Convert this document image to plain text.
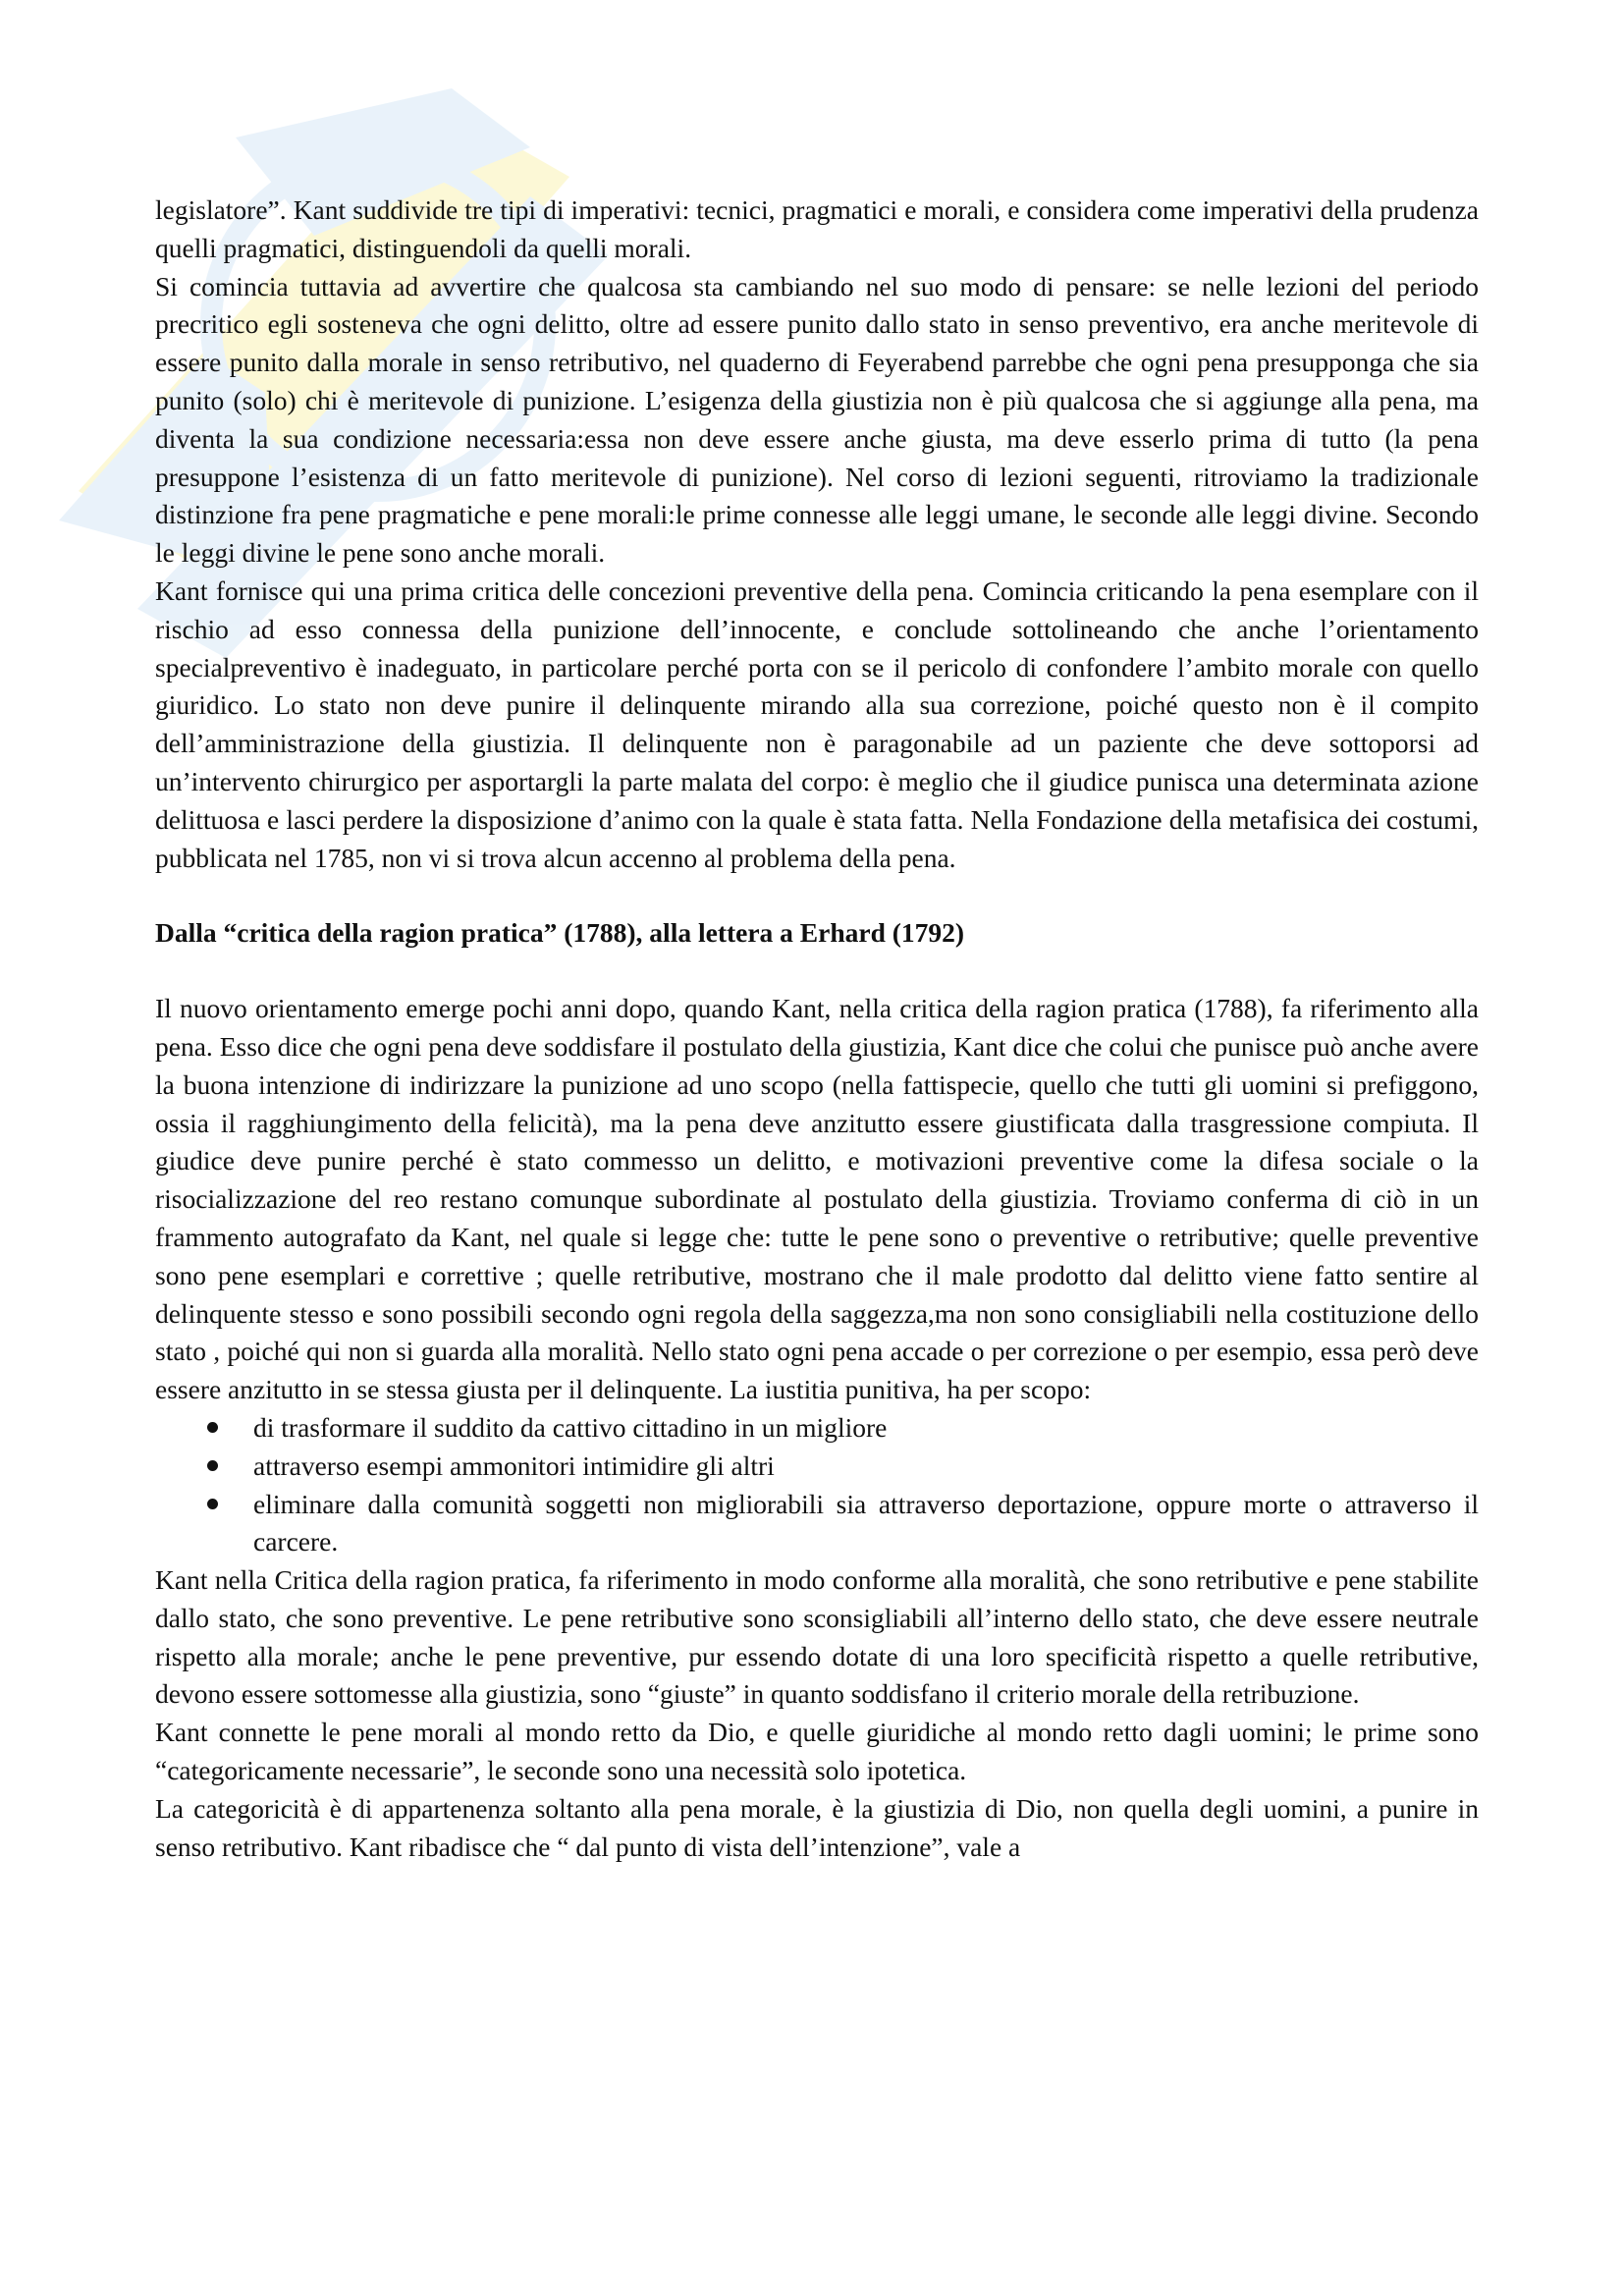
legislatore”. Kant suddivide tre tipi di imperativi: tecnici, pragmatici e morali, e considera come imperativi della prudenza quelli pragmatici, distinguendoli da quelli morali.

Si comincia tuttavia ad avvertire che qualcosa sta cambiando nel suo modo di pensare: se nelle lezioni del periodo precritico egli sosteneva che ogni delitto, oltre ad essere punito dallo stato in senso preventivo, era anche meritevole di essere punito dalla morale in senso retributivo, nel quaderno di Feyerabend parrebbe che ogni pena presupponga che sia punito (solo) chi è meritevole di punizione. L’esigenza della giustizia non è più qualcosa che si aggiunge alla pena, ma diventa la sua condizione necessaria:essa non deve essere anche giusta, ma deve esserlo prima di tutto (la pena presuppone l’esistenza di un fatto meritevole di punizione). Nel corso di lezioni seguenti, ritroviamo la tradizionale distinzione fra pene pragmatiche e pene morali:le prime connesse alle leggi umane, le seconde alle leggi divine. Secondo le leggi divine le pene sono anche morali.

Kant fornisce qui una prima critica delle concezioni preventive della pena. Comincia criticando la pena esemplare con il rischio ad esso connessa della punizione dell’innocente, e conclude sottolineando che anche l’orientamento specialpreventivo è inadeguato, in particolare perché porta con se il pericolo di confondere l’ambito morale con quello giuridico. Lo stato non deve punire il delinquente mirando alla sua correzione, poiché questo non è il compito dell’amministrazione della giustizia. Il delinquente non è paragonabile ad un paziente che deve sottoporsi ad un’intervento chirurgico per asportargli la parte malata del corpo: è meglio che il giudice punisca una determinata azione delittuosa e lasci perdere la disposizione d’animo con la quale è stata fatta. Nella Fondazione della metafisica dei costumi, pubblicata nel 1785, non vi si trova alcun accenno al problema della pena.

Dalla “critica della ragion pratica” (1788), alla lettera a Erhard (1792)

Il nuovo orientamento emerge pochi anni dopo, quando Kant, nella critica della ragion pratica (1788), fa riferimento alla pena. Esso dice che ogni pena deve soddisfare il postulato della giustizia, Kant dice che colui che punisce può anche avere la buona intenzione di indirizzare la punizione ad uno scopo (nella fattispecie, quello che tutti gli uomini si prefiggono, ossia il ragghiungimento della felicità), ma la pena deve anzitutto essere giustificata dalla trasgressione compiuta. Il giudice deve punire perché è stato commesso un delitto, e motivazioni preventive come la difesa sociale o la risocializzazione del reo restano comunque subordinate al postulato della giustizia. Troviamo conferma di ciò in un frammento autografato da Kant, nel quale si legge che: tutte le pene sono o preventive o retributive; quelle preventive sono pene esemplari e correttive ; quelle retributive, mostrano che il male prodotto dal delitto viene fatto sentire al delinquente stesso e sono possibili secondo ogni regola della saggezza,ma non sono consigliabili nella costituzione dello stato , poiché qui non si guarda alla moralità. Nello stato ogni pena accade o per correzione o per esempio, essa però deve essere anzitutto in se stessa giusta per il delinquente. La iustitia punitiva, ha per scopo:

di trasformare il suddito da cattivo cittadino in un migliore
attraverso esempi ammonitori intimidire gli altri
eliminare dalla comunità soggetti non migliorabili sia attraverso deportazione, oppure morte o attraverso il carcere.

Kant nella Critica della ragion pratica, fa riferimento in modo conforme alla moralità, che sono retributive e pene stabilite dallo stato, che sono preventive. Le pene retributive sono sconsigliabili all’interno dello stato, che deve essere neutrale rispetto alla morale; anche le pene preventive, pur essendo dotate di una loro specificità rispetto a quelle retributive, devono essere sottomesse alla giustizia, sono “giuste” in quanto soddisfano il criterio morale della retribuzione.

Kant connette le pene morali al mondo retto da Dio, e quelle giuridiche al mondo retto dagli uomini; le prime sono “categoricamente necessarie”, le seconde sono una necessità solo ipotetica.

La categoricità è di appartenenza soltanto alla pena morale, è la giustizia di Dio, non quella degli uomini, a punire in senso retributivo. Kant ribadisce che “ dal punto di vista dell’intenzione”, vale a
